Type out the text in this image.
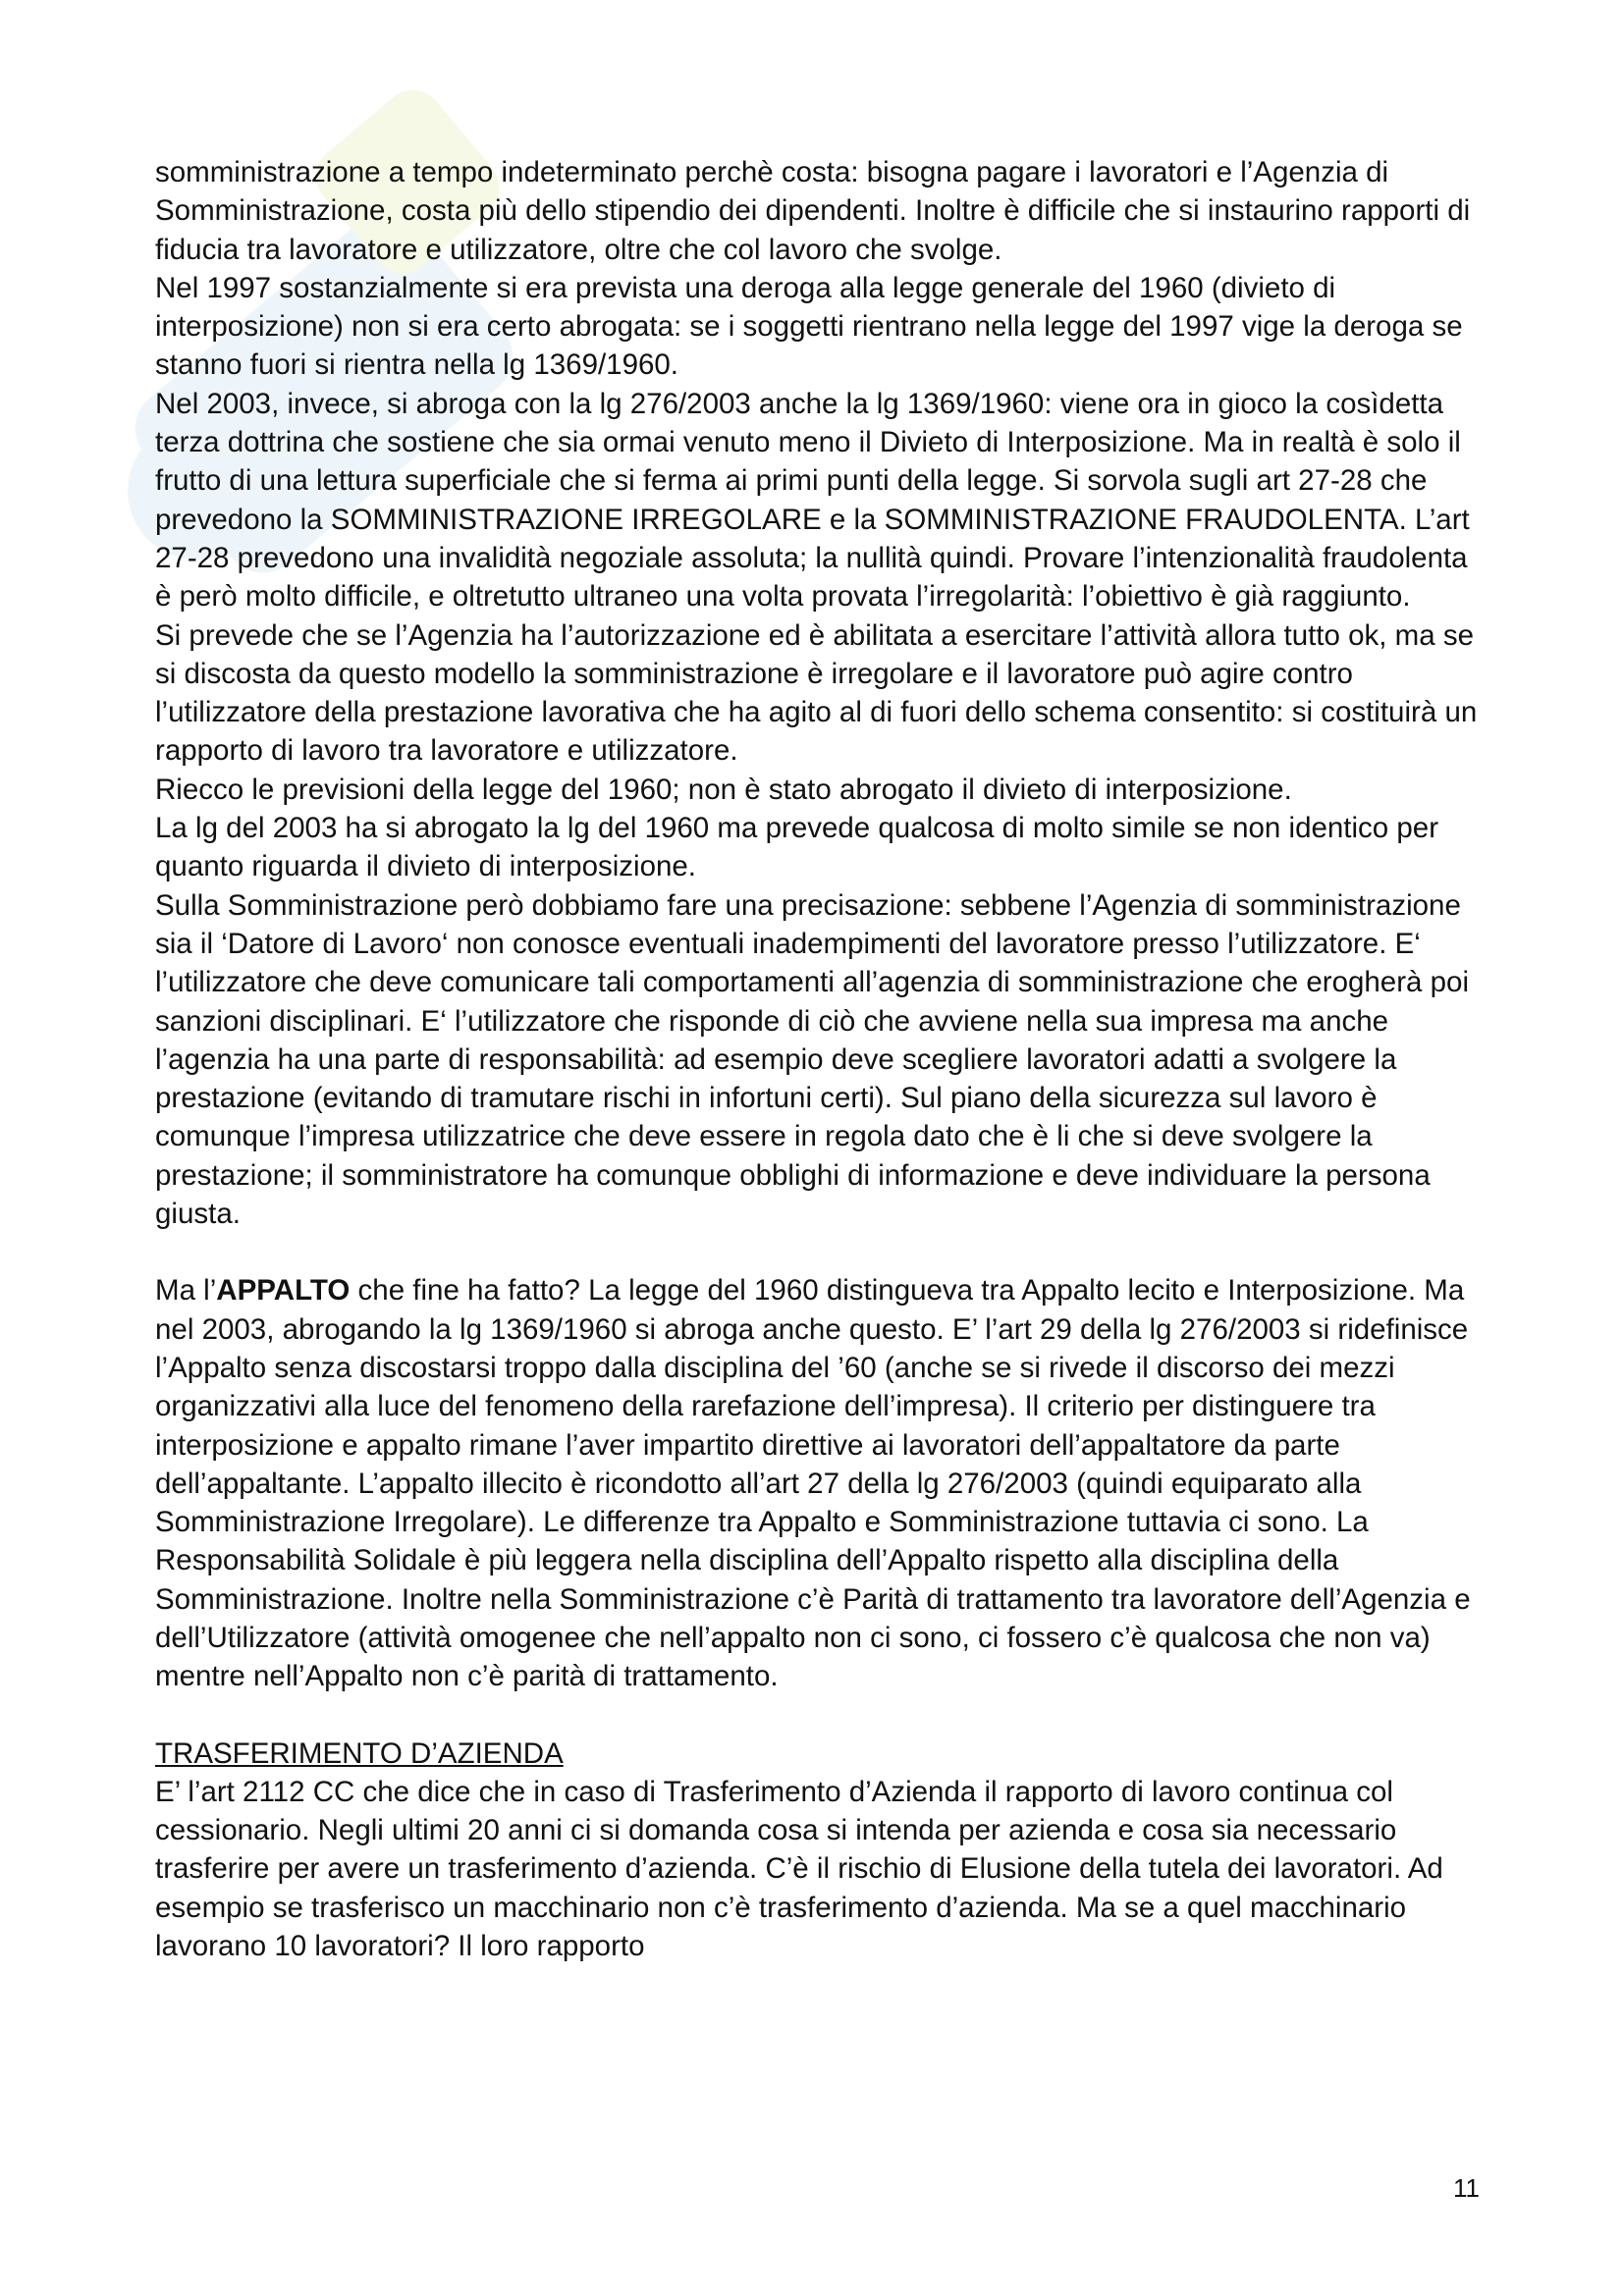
somministrazione a tempo indeterminato perchè costa: bisogna pagare i lavoratori e l’Agenzia di Somministrazione, costa più dello stipendio dei dipendenti. Inoltre è difficile che si instaurino rapporti di fiducia tra lavoratore e utilizzatore, oltre che col lavoro che svolge.

Nel 1997 sostanzialmente si era prevista una deroga alla legge generale del 1960 (divieto di interposizione) non si era certo abrogata: se i soggetti rientrano nella legge del 1997 vige la deroga se stanno fuori si rientra nella lg 1369/1960.

Nel 2003, invece, si abroga con la lg 276/2003 anche la lg 1369/1960: viene ora in gioco la cosìdetta terza dottrina che sostiene che sia ormai venuto meno il Divieto di Interposizione. Ma in realtà è solo il frutto di una lettura superficiale che si ferma ai primi punti della legge. Si sorvola sugli art 27-28 che prevedono la SOMMINISTRAZIONE IRREGOLARE e la SOMMINISTRAZIONE FRAUDOLENTA. L’art 27-28 prevedono una invalidità negoziale assoluta; la nullità quindi. Provare l’intenzionalità fraudolenta è però molto difficile, e oltretutto ultraneo una volta provata l’irregolarità: l’obiettivo è già raggiunto.

Si prevede che se l’Agenzia ha l’autorizzazione ed è abilitata a esercitare l’attività allora tutto ok, ma se si discosta da questo modello la somministrazione è irregolare e il lavoratore può agire contro l’utilizzatore della prestazione lavorativa che ha agito al di fuori dello schema consentito: si costituirà un rapporto di lavoro tra lavoratore e utilizzatore.

Riecco le previsioni della legge del 1960; non è stato abrogato il divieto di interposizione.

La lg del 2003 ha si abrogato la lg del 1960 ma prevede qualcosa di molto simile se non identico per quanto riguarda il divieto di interposizione.

Sulla Somministrazione però dobbiamo fare una precisazione: sebbene l’Agenzia di somministrazione sia il ‘Datore di Lavoro‘ non conosce eventuali inadempimenti del lavoratore presso l’utilizzatore. E‘ l’utilizzatore che deve comunicare tali comportamenti all’agenzia di somministrazione che erogherà poi sanzioni disciplinari. E‘ l’utilizzatore che risponde di ciò che avviene nella sua impresa ma anche l’agenzia ha una parte di responsabilità: ad esempio deve scegliere lavoratori adatti a svolgere la prestazione (evitando di tramutare rischi in infortuni certi). Sul piano della sicurezza sul lavoro è comunque l’impresa utilizzatrice che deve essere in regola dato che è li che si deve svolgere la prestazione; il somministratore ha comunque obblighi di informazione e deve individuare la persona giusta.

Ma l’APPALTO che fine ha fatto? La legge del 1960 distingueva tra Appalto lecito e Interposizione. Ma nel 2003, abrogando la lg 1369/1960 si abroga anche questo. E’ l’art 29 della lg 276/2003 si ridefinisce l’Appalto senza discostarsi troppo dalla disciplina del ’60 (anche se si rivede il discorso dei mezzi organizzativi alla luce del fenomeno della rarefazione dell’impresa). Il criterio per distinguere tra interposizione e appalto rimane l’aver impartito direttive ai lavoratori dell’appaltatore da parte dell’appaltante. L’appalto illecito è ricondotto all’art 27 della lg 276/2003 (quindi equiparato alla Somministrazione Irregolare). Le differenze tra Appalto e Somministrazione tuttavia ci sono. La Responsabilità Solidale è più leggera nella disciplina dell’Appalto rispetto alla disciplina della Somministrazione. Inoltre nella Somministrazione c’è Parità di trattamento tra lavoratore dell’Agenzia e dell’Utilizzatore (attività omogenee che nell’appalto non ci sono, ci fossero c’è qualcosa che non va) mentre nell’Appalto non c’è parità di trattamento.

TRASFERIMENTO D’AZIENDA

E’ l’art 2112 CC che dice che in caso di Trasferimento d’Azienda il rapporto di lavoro continua col cessionario. Negli ultimi 20 anni ci si domanda cosa si intenda per azienda e cosa sia necessario trasferire per avere un trasferimento d’azienda. C’è il rischio di Elusione della tutela dei lavoratori. Ad esempio se trasferisco un macchinario non c’è trasferimento d’azienda. Ma se a quel macchinario lavorano 10 lavoratori? Il loro rapporto

11
